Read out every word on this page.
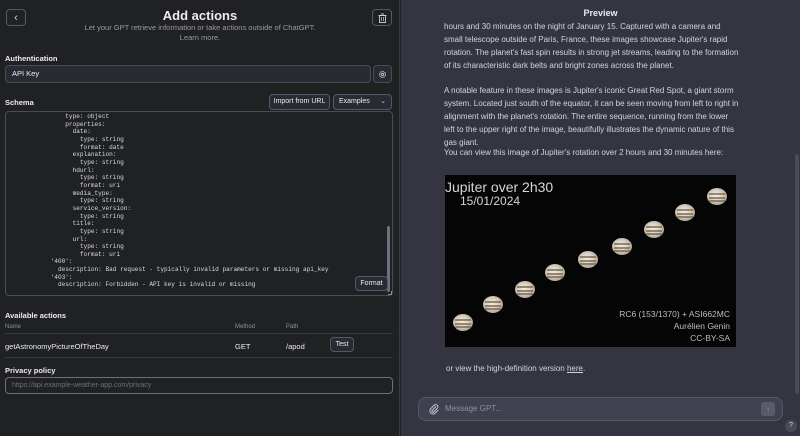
‹	Add actions
Let your GPT retrieve information or take actions outside of ChatGPT.
Learn more.
Authentication
API Key
Schema	Import from URL	Examples ⌄
type: object
properties:
date:
type: string
format: date
explanation:
type: string
hdurl:
type: string
format: uri
media_type:
type: string
service_version:
type: string
title:
type: string
url:
type: string
format: uri
'400':
description: Bad request - typically invalid parameters or missing api_key
'403':
description: Forbidden - API key is invalid or missing	Format
Available actions
Name	Method	Path
getAstronomyPictureOfTheDay	GET	/apod	Test
Privacy policy
https://api.example-weather-app.com/privacy
Preview
hours and 30 minutes on the night of January 15. Captured with a camera and small telescope outside of Paris, France, these images showcase Jupiter's rapid rotation. The planet's fast spin results in strong jet streams, leading to the formation of its characteristic dark belts and bright zones across the planet.
A notable feature in these images is Jupiter's iconic Great Red Spot, a giant storm system. Located just south of the equator, it can be seen moving from left to right in alignment with the planet's rotation. The entire sequence, running from the lower left to the upper right of the image, beautifully illustrates the dynamic nature of this gas giant.
You can view this image of Jupiter's rotation over 2 hours and 30 minutes here:
Jupiter over 2h30
15/01/2024
RC6 (153/1370) + ASI662MC
Aurélien Genin
CC-BY-SA
or view the high-definition version here.
Message GPT...	↑
?
